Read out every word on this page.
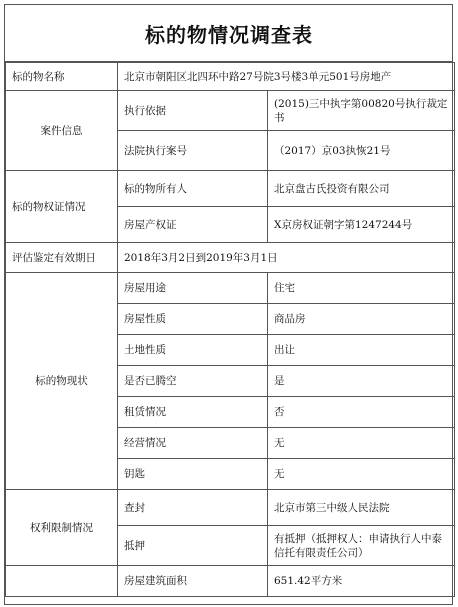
标的物情况调查表
标的物名称	北京市朝阳区北四环中路27号院3号楼3单元501号房地产	
案件信息	执行依据	(2015)三中执字第00820号执行裁定书
	法院执行案号	（2017）京03执恢21号
标的物权证情况	标的物所有人	北京盘古氏投资有限公司
	房屋产权证	X京房权证朝字第1247244号
评估鉴定有效期日	2018年3月2日到2019年3月1日	
标的物现状	房屋用途	住宅
	房屋性质	商品房
	土地性质	出让
	是否已腾空	是
	租赁情况	否
	经营情况	无
	钥匙	无
权利限制情况	查封	北京市第三中级人民法院
	抵押	有抵押（抵押权人：申请执行人中泰信托有限责任公司）
	房屋建筑面积	651.42平方米
